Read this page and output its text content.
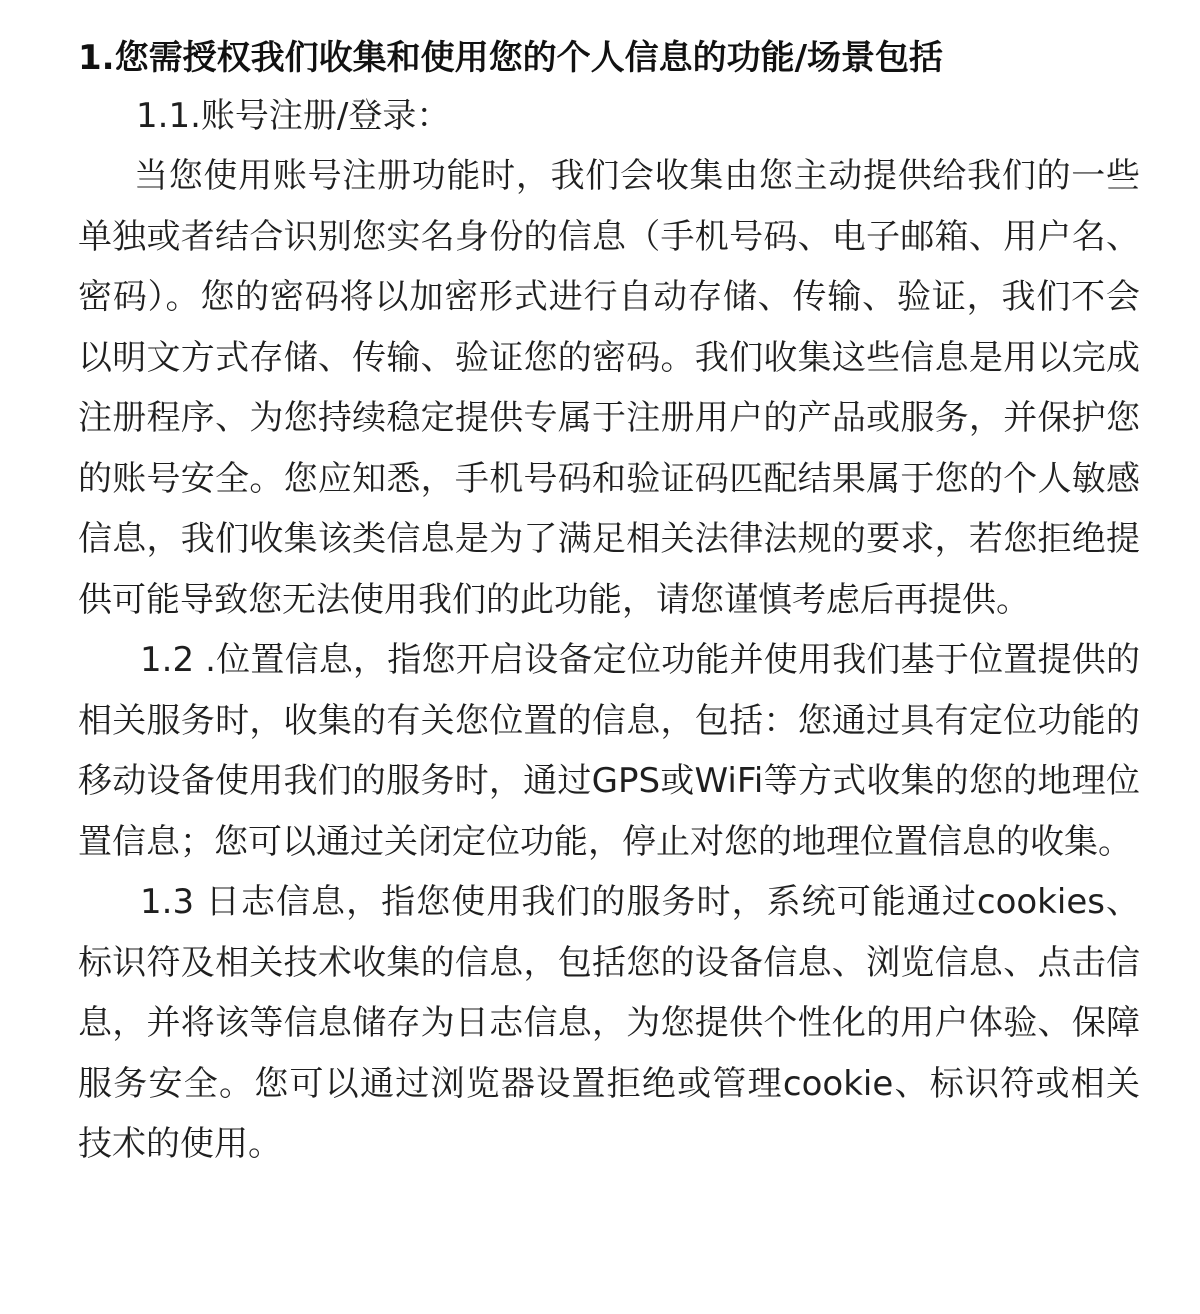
1.您需授权我们收集和使用您的个人信息的功能/场景包括

1.1.账号注册/登录：

当您使用账号注册功能时，我们会收集由您主动提供给我们的一些单独或者结合识别您实名身份的信息（手机号码、电子邮箱、用户名、密码）。您的密码将以加密形式进行自动存储、传输、验证，我们不会以明文方式存储、传输、验证您的密码。我们收集这些信息是用以完成注册程序、为您持续稳定提供专属于注册用户的产品或服务，并保护您的账号安全。您应知悉，手机号码和验证码匹配结果属于您的个人敏感信息，我们收集该类信息是为了满足相关法律法规的要求，若您拒绝提供可能导致您无法使用我们的此功能，请您谨慎考虑后再提供。

1.2 .位置信息，指您开启设备定位功能并使用我们基于位置提供的相关服务时，收集的有关您位置的信息，包括：您通过具有定位功能的移动设备使用我们的服务时，通过GPS或WiFi等方式收集的您的地理位置信息；您可以通过关闭定位功能，停止对您的地理位置信息的收集。

1.3 日志信息，指您使用我们的服务时，系统可能通过cookies、标识符及相关技术收集的信息，包括您的设备信息、浏览信息、点击信息，并将该等信息储存为日志信息，为您提供个性化的用户体验、保障服务安全。您可以通过浏览器设置拒绝或管理cookie、标识符或相关技术的使用。
